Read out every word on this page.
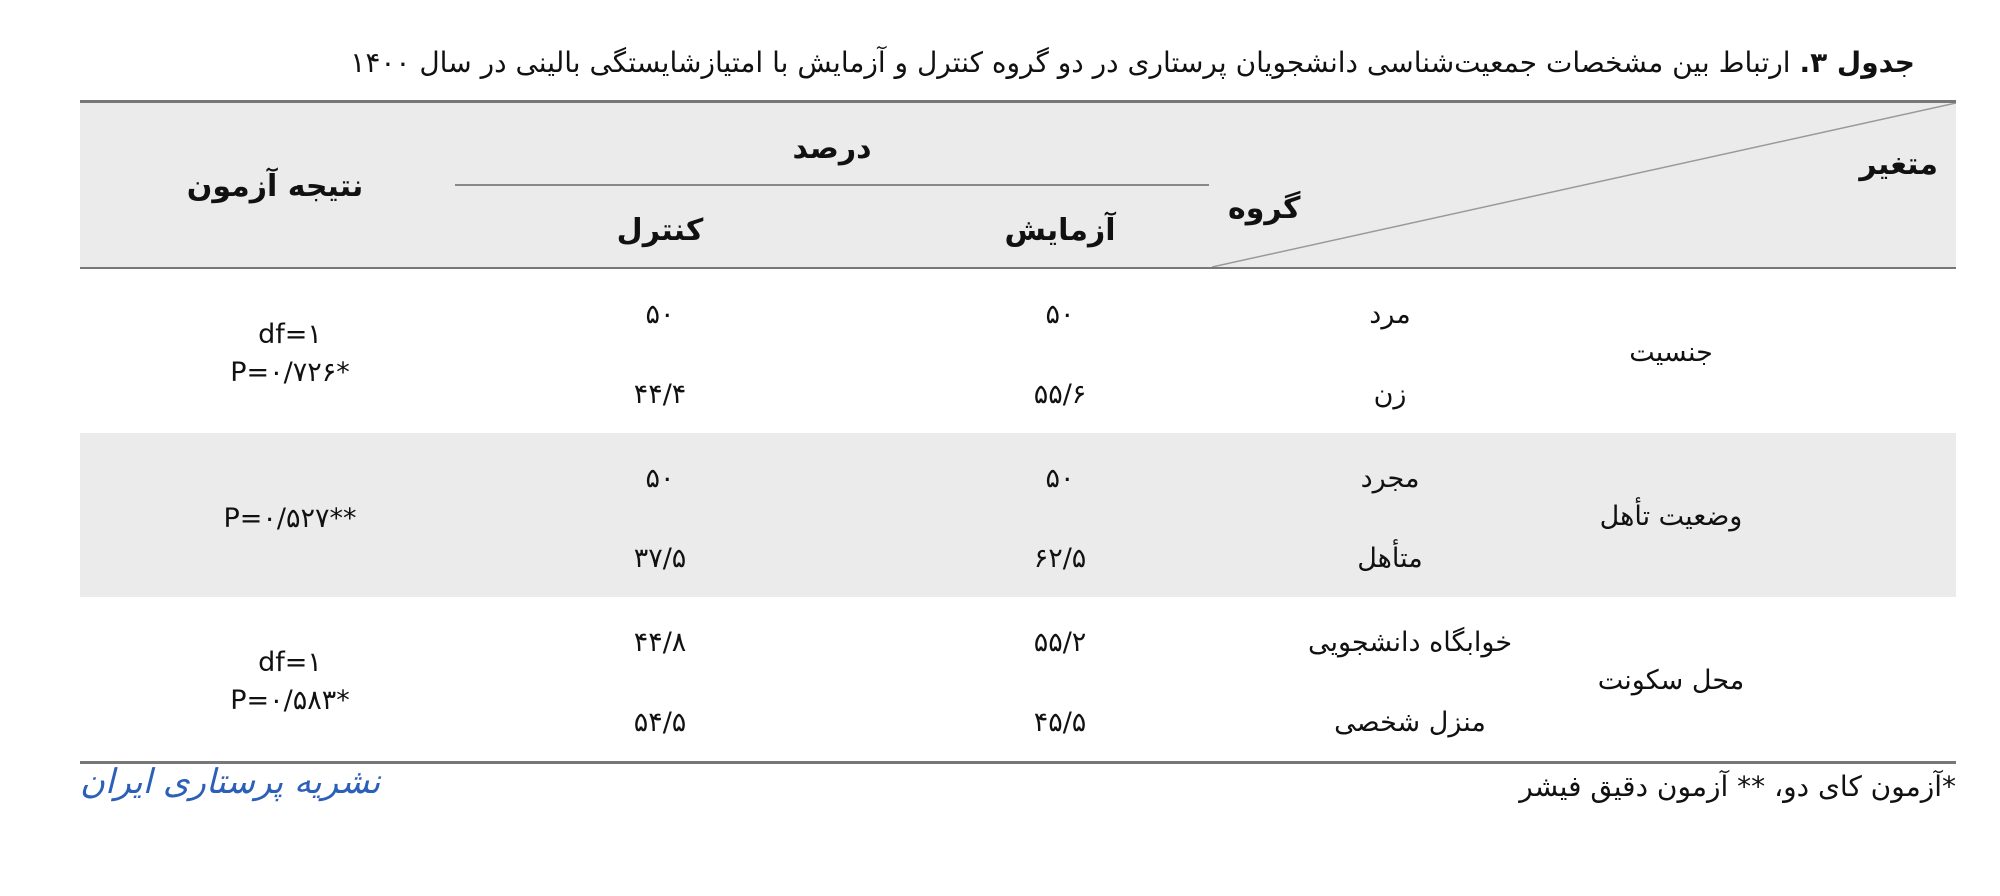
جدول ۳. ارتباط بین مشخصات جمعیت‌شناسی دانشجویان پرستاری در دو گروه کنترل و آزمایش با امتیازشایستگی بالینی در سال ۱۴۰۰
متغیر
گروه
درصد
آزمایش
کنترل
نتیجه آزمون
جنسیت
مرد
زن
۵۰
۵۵/۶
۵۰
۴۴/۴
df=۱
P=۰/۷۲۶*
وضعیت تأهل
مجرد
متأهل
۵۰
۶۲/۵
۵۰
۳۷/۵
P=۰/۵۲۷**
محل سکونت
خوابگاه دانشجویی
منزل شخصی
۵۵/۲
۴۵/۵
۴۴/۸
۵۴/۵
df=۱
P=۰/۵۸۳*
*آزمون کای دو، ** آزمون دقیق فیشر
نشریه پرستاری ایران
